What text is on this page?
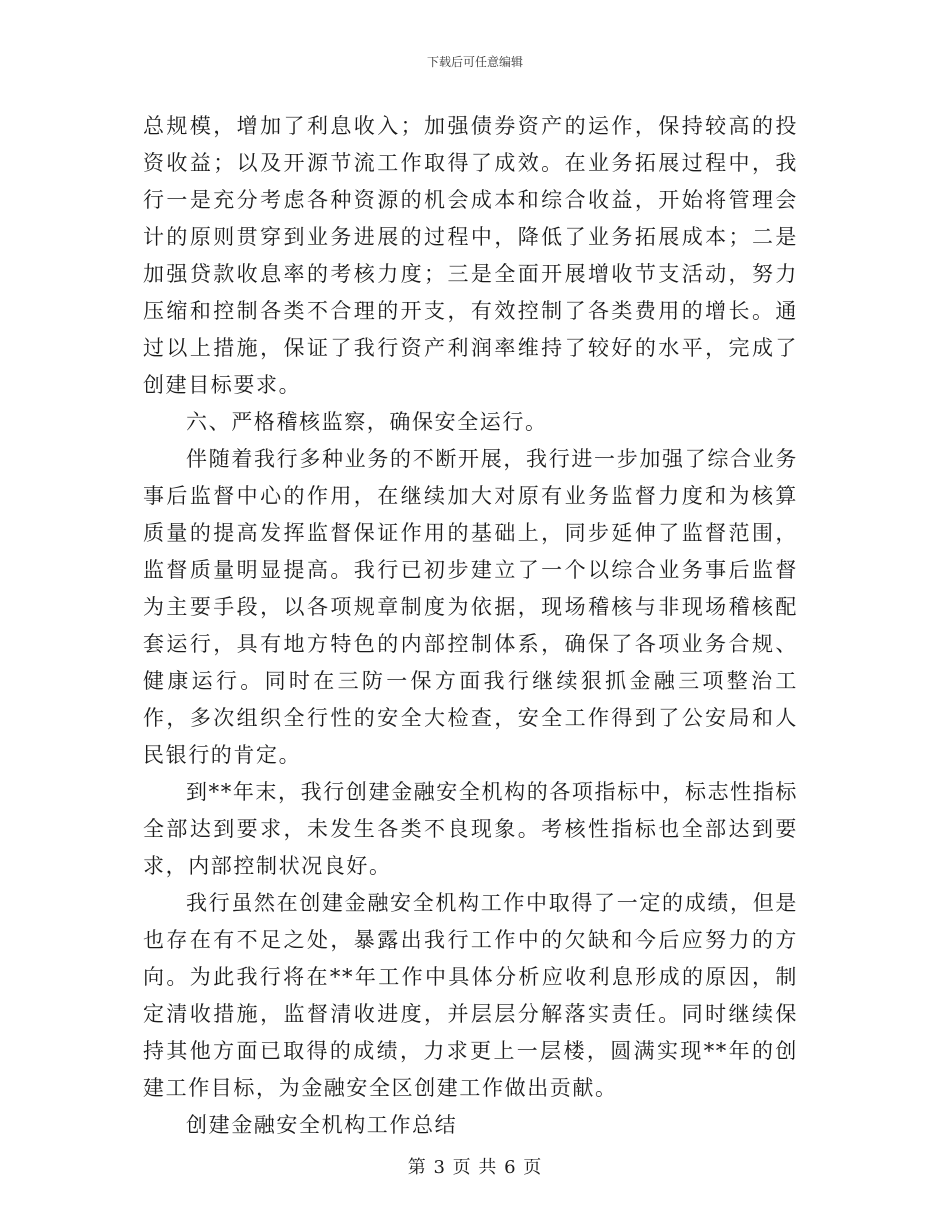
下载后可任意编辑

总规模，增加了利息收入；加强债券资产的运作，保持较高的投资收益；以及开源节流工作取得了成效。在业务拓展过程中，我行一是充分考虑各种资源的机会成本和综合收益，开始将管理会计的原则贯穿到业务进展的过程中，降低了业务拓展成本；二是加强贷款收息率的考核力度；三是全面开展增收节支活动，努力压缩和控制各类不合理的开支，有效控制了各类费用的增长。通过以上措施，保证了我行资产利润率维持了较好的水平，完成了创建目标要求。

六、严格稽核监察，确保安全运行。

伴随着我行多种业务的不断开展，我行进一步加强了综合业务事后监督中心的作用，在继续加大对原有业务监督力度和为核算质量的提高发挥监督保证作用的基础上，同步延伸了监督范围，监督质量明显提高。我行已初步建立了一个以综合业务事后监督为主要手段，以各项规章制度为依据，现场稽核与非现场稽核配套运行，具有地方特色的内部控制体系，确保了各项业务合规、健康运行。同时在三防一保方面我行继续狠抓金融三项整治工作，多次组织全行性的安全大检查，安全工作得到了公安局和人民银行的肯定。

到**年末，我行创建金融安全机构的各项指标中，标志性指标全部达到要求，未发生各类不良现象。考核性指标也全部达到要求，内部控制状况良好。

我行虽然在创建金融安全机构工作中取得了一定的成绩，但是也存在有不足之处，暴露出我行工作中的欠缺和今后应努力的方向。为此我行将在**年工作中具体分析应收利息形成的原因，制定清收措施，监督清收进度，并层层分解落实责任。同时继续保持其他方面已取得的成绩，力求更上一层楼，圆满实现**年的创建工作目标，为金融安全区创建工作做出贡献。

创建金融安全机构工作总结

第 3 页 共 6 页
